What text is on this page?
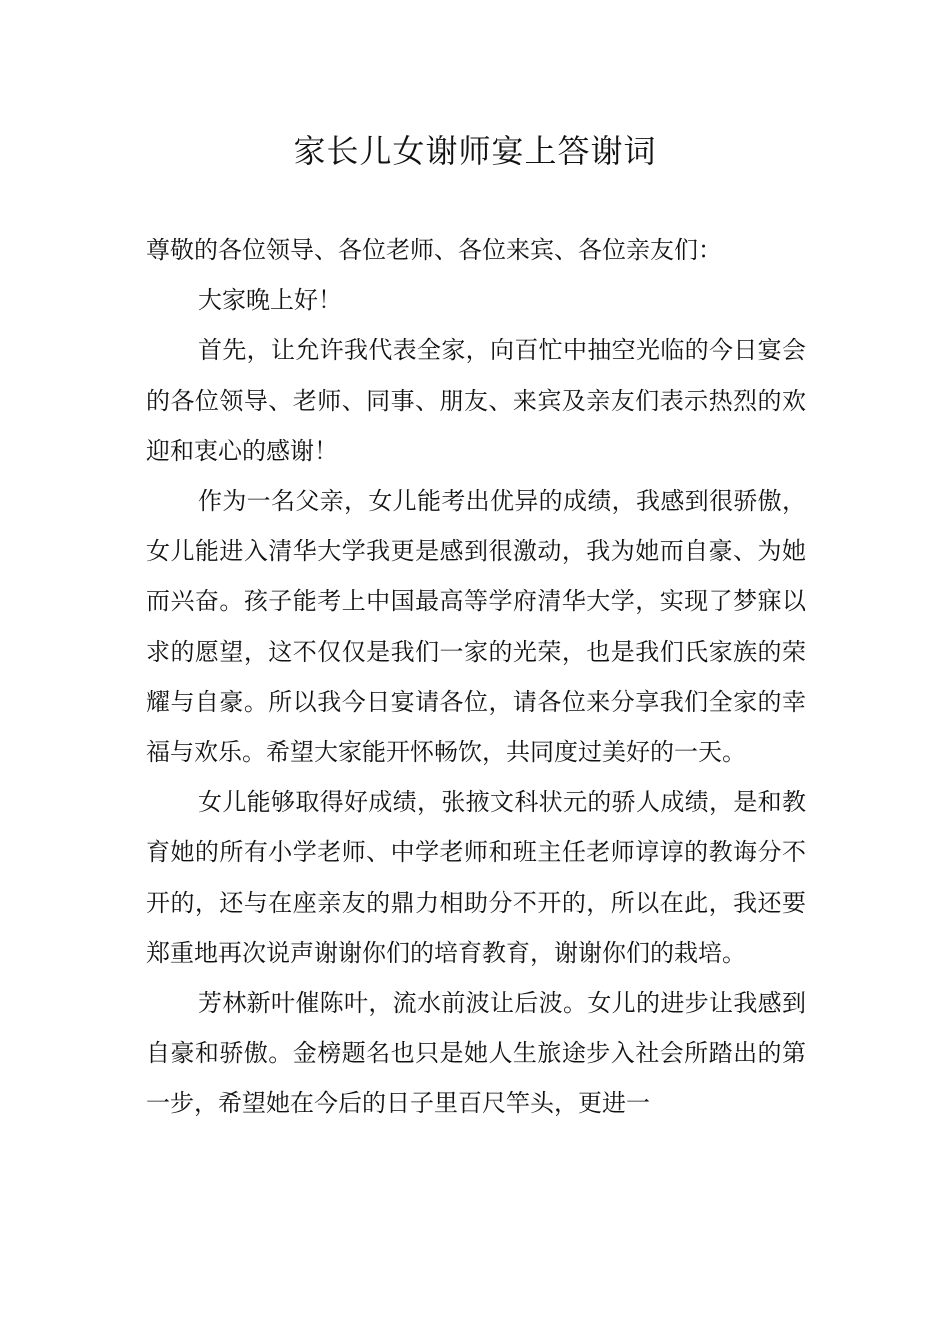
家长儿女谢师宴上答谢词

尊敬的各位领导、各位老师、各位来宾、各位亲友们：

大家晚上好！

首先，让允许我代表全家，向百忙中抽空光临的今日宴会的各位领导、老师、同事、朋友、来宾及亲友们表示热烈的欢迎和衷心的感谢！

作为一名父亲，女儿能考出优异的成绩，我感到很骄傲，女儿能进入清华大学我更是感到很激动，我为她而自豪、为她而兴奋。孩子能考上中国最高等学府清华大学，实现了梦寐以求的愿望，这不仅仅是我们一家的光荣，也是我们氏家族的荣耀与自豪。所以我今日宴请各位，请各位来分享我们全家的幸福与欢乐。希望大家能开怀畅饮，共同度过美好的一天。

女儿能够取得好成绩，张掖文科状元的骄人成绩，是和教育她的所有小学老师、中学老师和班主任老师谆谆的教诲分不开的，还与在座亲友的鼎力相助分不开的，所以在此，我还要郑重地再次说声谢谢你们的培育教育，谢谢你们的栽培。

芳林新叶催陈叶，流水前波让后波。女儿的进步让我感到自豪和骄傲。金榜题名也只是她人生旅途步入社会所踏出的第一步，希望她在今后的日子里百尺竿头，更进一
